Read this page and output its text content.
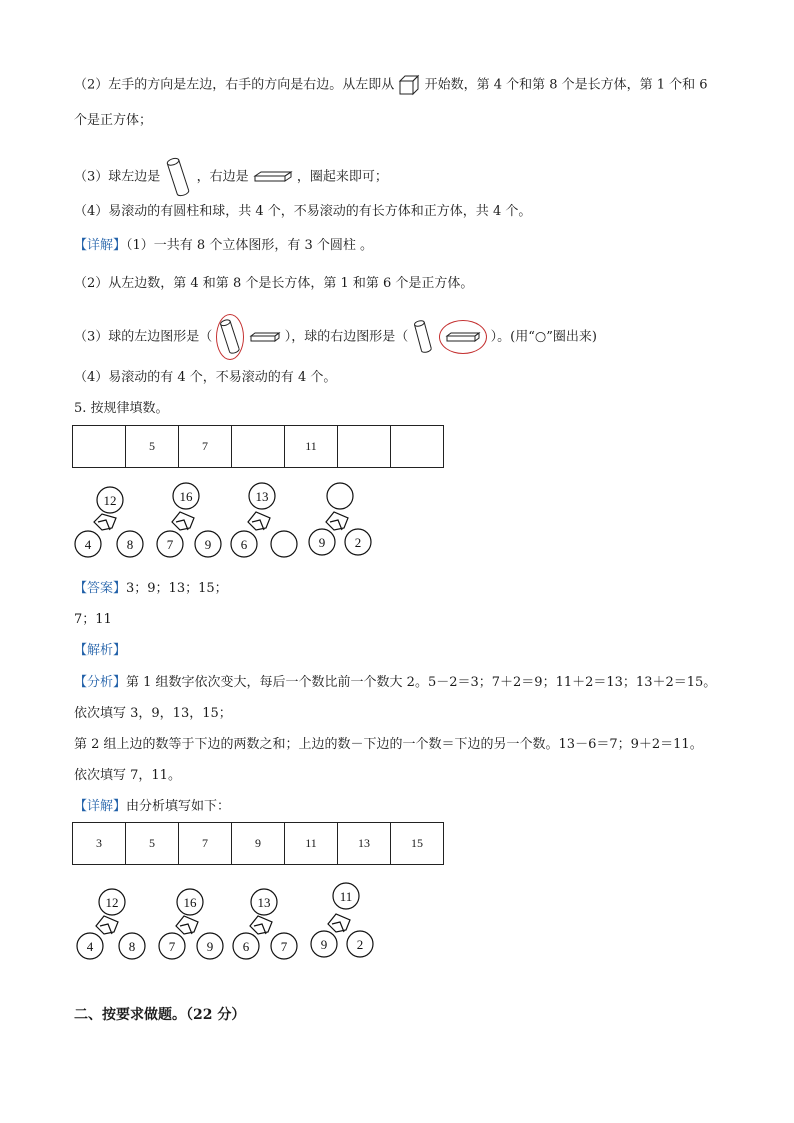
（2）左手的方向是左边，右手的方向是右边。从左即从 开始数，第 4 个和第 8 个是长方体，第 1 个和 6
个是正方体；
（3）球左边是	，右边是	，圈起来即可；
（4）易滚动的有圆柱和球，共 4 个，不易滚动的有长方体和正方体，共 4 个。
【详解】（1）一共有 8 个立体图形，有 3 个圆柱 。
（2）从左边数，第 4 和第 8 个是长方体，第 1 和第 6 个是正方体。
（3）球的左边图形是（	），球的右边图形是（	）。(用“○”圈出来)
（4）易滚动的有 4 个，不易滚动的有 4 个。
5. 按规律填数。
	5	7		11		
12
4	8
16
7 9
13
6	9 2
【答案】3；9；13；15；
7；11
【解析】
【分析】第 1 组数字依次变大，每后一个数比前一个数大 2。5－2＝3；7＋2＝9；11＋2＝13；13＋2＝15。
依次填写 3，9，13，15；
第 2 组上边的数等于下边的两数之和；上边的数－下边的一个数＝下边的另一个数。13－6＝7；9＋2＝11。
依次填写 7，11。
【详解】由分析填写如下：
3	5	7	9	11	13	15
12
4	8
16
7 9
13
6 7
11
9 2
二、按要求做题。（22 分）
